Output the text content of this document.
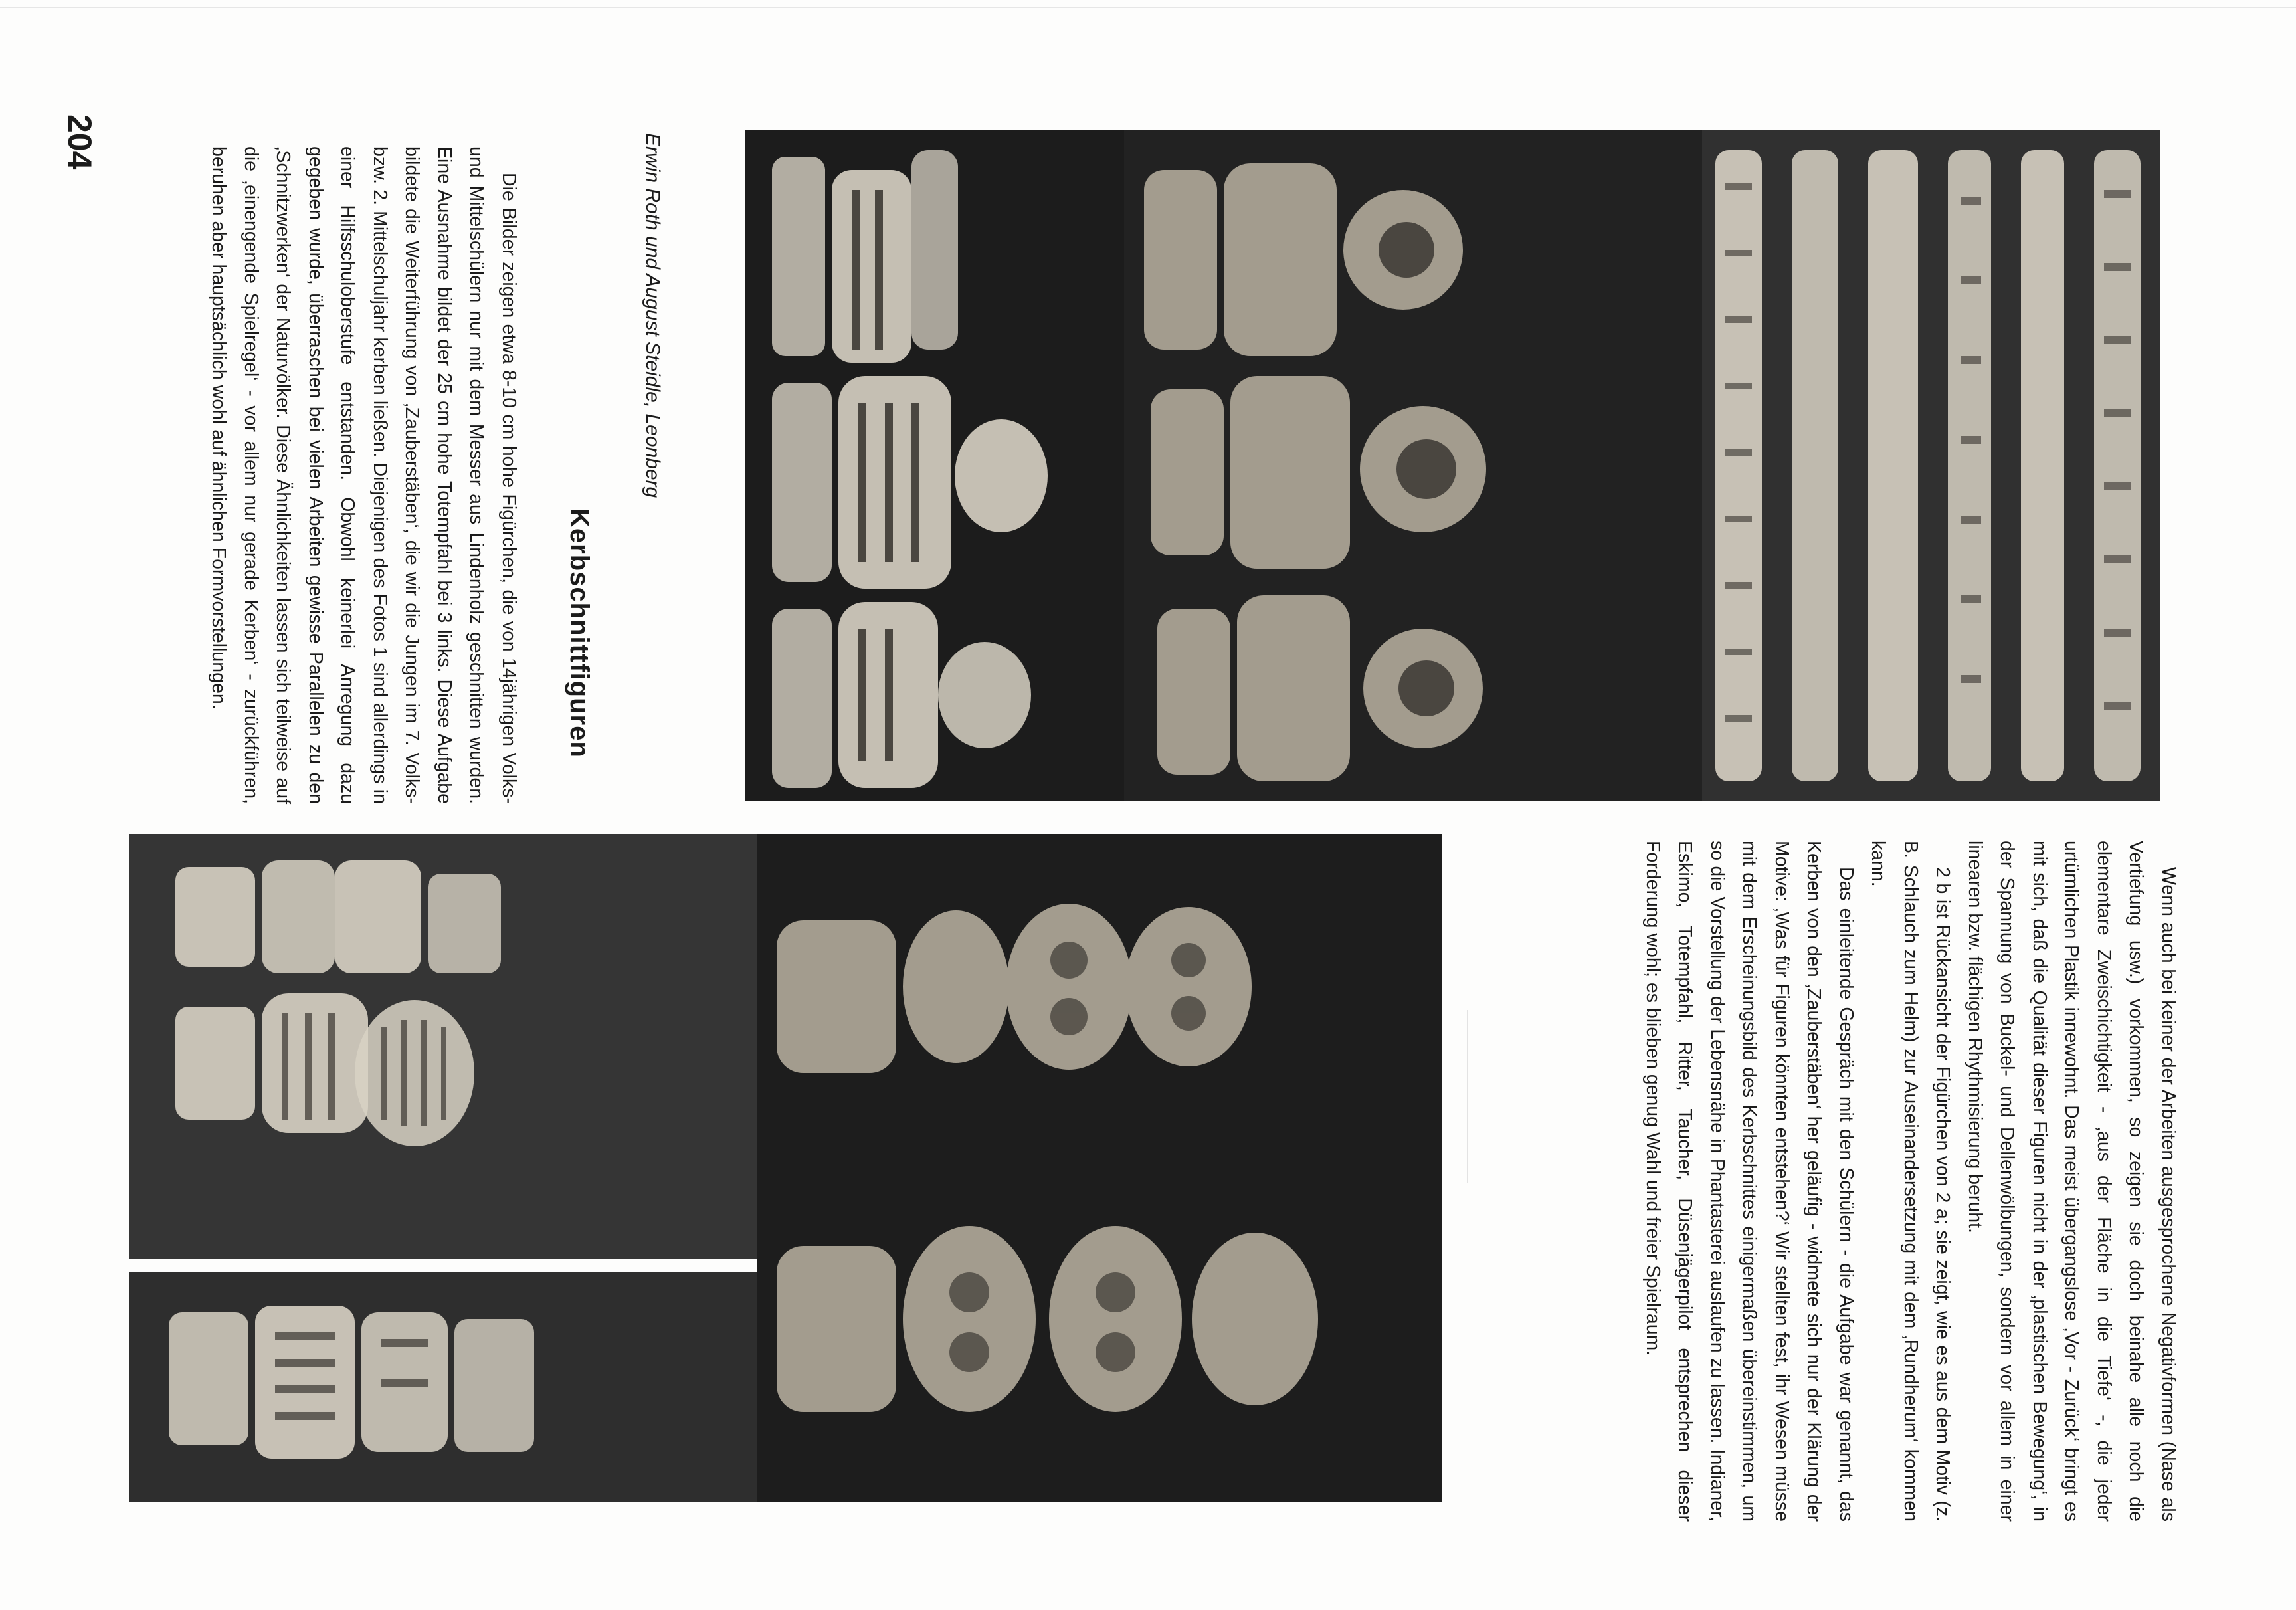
204
Kerbschnittfiguren
Erwin Roth und August Steidle, Leonberg

Die Bilder zeigen etwa 8-10 cm hohe Figürchen, die von 14jährigen Volks- und Mittelschülern nur mit dem Messer aus Lindenholz geschnitten wurden. Eine Ausnahme bildet der 25 cm hohe Totempfahl bei 3 links. Diese Aufgabe bildete die Weiterführung von ‚Zauberstäben‘, die wir die Jungen im 7. Volks- bzw. 2. Mittelschuljahr kerben ließen. Diejenigen des Fotos 1 sind allerdings in einer Hilfsschuloberstufe entstanden. Obwohl keinerlei Anregung dazu gegeben wurde, überraschen bei vielen Arbeiten gewisse Parallelen zu den ‚Schnitzwerken‘ der Naturvölker. Diese Ähnlichkeiten lassen sich teilweise auf die ‚einengende Spielregel‘ - vor allem nur gerade Kerben‘ - zurückführen, beruhen aber hauptsächlich wohl auf ähnlichen Formvorstellungen.

Wenn auch bei keiner der Arbeiten ausgesprochene Negativformen (Nase als Vertiefung usw.) vorkommen, so zeigen sie doch beinahe alle noch die elementare Zweischichtigkeit - ‚aus der Fläche in die Tiefe‘ -, die jeder urtümlichen Plastik innewohnt. Das meist übergangslose ‚Vor - Zurück‘ bringt es mit sich, daß die Qualität dieser Figuren nicht in der ‚plastischen Bewegung‘, in der Spannung von Buckel- und Dellenwölbungen, sondern vor allem in einer linearen bzw. flächigen Rhythmisierung beruht.

2 b ist Rückansicht der Figürchen von 2 a; sie zeigt, wie es aus dem Motiv (z. B. Schlauch zum Helm) zur Auseinandersetzung mit dem ‚Rundherum‘ kommen kann.

Das einleitende Gespräch mit den Schülern - die Aufgabe war genannt, das Kerben von den ‚Zauberstäben‘ her geläufig - widmete sich nur der Klärung der Motive: ‚Was für Figuren könnten entstehen?‘ Wir stellten fest, ihr Wesen müsse mit dem Erscheinungsbild des Kerbschnittes einigermaßen übereinstimmen, um so die Vorstellung der Lebensnähe in Phantasterei auslaufen zu lassen. Indianer, Eskimo, Totempfahl, Ritter, Taucher, Düsenjägerpilot entsprechen dieser Forderung wohl; es blieben genug Wahl und freier Spielraum.
